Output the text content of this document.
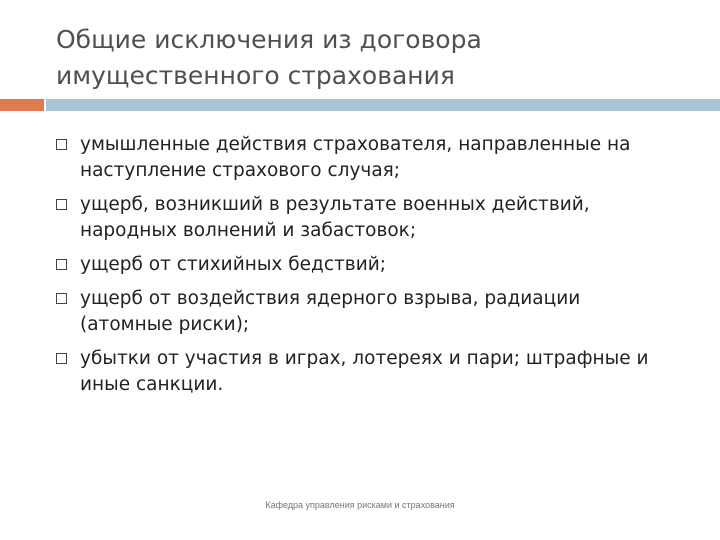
Общие исключения из договора
имущественного страхования
умышленные действия страхователя, направленные на
наступление страхового случая;
ущерб, возникший в результате военных действий,
народных волнений и забастовок;
ущерб от стихийных бедствий;
ущерб от воздействия ядерного взрыва, радиации
(атомные риски);
убытки от участия в играх, лотереях и пари; штрафные и
иные санкции.
Кафедра управления рисками и страхования
